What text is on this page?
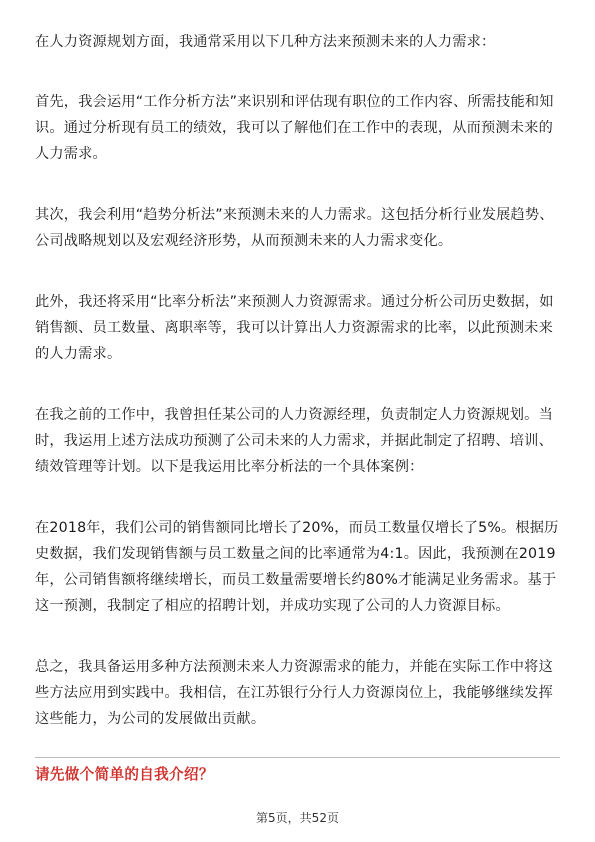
在人力资源规划方面，我通常采用以下几种方法来预测未来的人力需求：

首先，我会运用“工作分析方法”来识别和评估现有职位的工作内容、所需技能和知识。通过分析现有员工的绩效，我可以了解他们在工作中的表现，从而预测未来的人力需求。

其次，我会利用“趋势分析法”来预测未来的人力需求。这包括分析行业发展趋势、公司战略规划以及宏观经济形势，从而预测未来的人力需求变化。

此外，我还将采用“比率分析法”来预测人力资源需求。通过分析公司历史数据，如销售额、员工数量、离职率等，我可以计算出人力资源需求的比率，以此预测未来的人力需求。

在我之前的工作中，我曾担任某公司的人力资源经理，负责制定人力资源规划。当时，我运用上述方法成功预测了公司未来的人力需求，并据此制定了招聘、培训、绩效管理等计划。以下是我运用比率分析法的一个具体案例：

在2018年，我们公司的销售额同比增长了20%，而员工数量仅增长了5%。根据历史数据，我们发现销售额与员工数量之间的比率通常为4:1。因此，我预测在2019年，公司销售额将继续增长，而员工数量需要增长约80%才能满足业务需求。基于这一预测，我制定了相应的招聘计划，并成功实现了公司的人力资源目标。

总之，我具备运用多种方法预测未来人力资源需求的能力，并能在实际工作中将这些方法应用到实践中。我相信，在江苏银行分行人力资源岗位上，我能够继续发挥这些能力，为公司的发展做出贡献。

请先做个简单的自我介绍？
第5页，共52页
